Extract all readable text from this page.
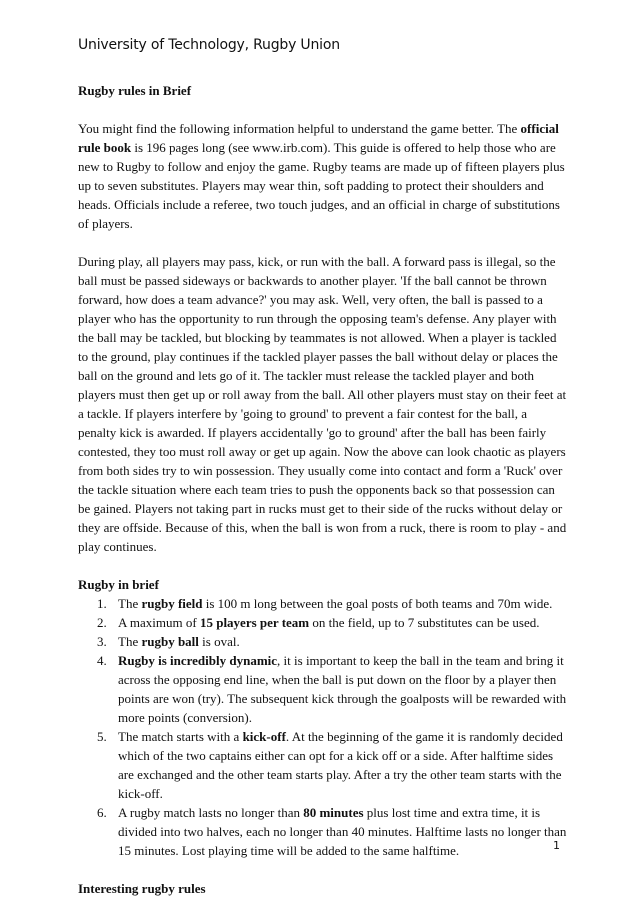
University of Technology, Rugby Union

Rugby rules in Brief

You might find the following information helpful to understand the game better. The official rule book is 196 pages long (see www.irb.com). This guide is offered to help those who are new to Rugby to follow and enjoy the game. Rugby teams are made up of fifteen players plus up to seven substitutes. Players may wear thin, soft padding to protect their shoulders and heads. Officials include a referee, two touch judges, and an official in charge of substitutions of players.

During play, all players may pass, kick, or run with the ball. A forward pass is illegal, so the ball must be passed sideways or backwards to another player. 'If the ball cannot be thrown forward, how does a team advance?' you may ask. Well, very often, the ball is passed to a player who has the opportunity to run through the opposing team's defense. Any player with the ball may be tackled, but blocking by teammates is not allowed. When a player is tackled to the ground, play continues if the tackled player passes the ball without delay or places the ball on the ground and lets go of it. The tackler must release the tackled player and both players must then get up or roll away from the ball. All other players must stay on their feet at a tackle. If players interfere by 'going to ground' to prevent a fair contest for the ball, a penalty kick is awarded. If players accidentally 'go to ground' after the ball has been fairly contested, they too must roll away or get up again. Now the above can look chaotic as players from both sides try to win possession. They usually come into contact and form a 'Ruck' over the tackle situation where each team tries to push the opponents back so that possession can be gained. Players not taking part in rucks must get to their side of the rucks without delay or they are offside. Because of this, when the ball is won from a ruck, there is room to play - and play continues.

Rugby in brief

1. The rugby field is 100 m long between the goal posts of both teams and 70m wide.
2. A maximum of 15 players per team on the field, up to 7 substitutes can be used.
3. The rugby ball is oval.
4. Rugby is incredibly dynamic, it is important to keep the ball in the team and bring it across the opposing end line, when the ball is put down on the floor by a player then points are won (try). The subsequent kick through the goalposts will be rewarded with more points (conversion).
5. The match starts with a kick-off. At the beginning of the game it is randomly decided which of the two captains either can opt for a kick off or a side. After halftime sides are exchanged and the other team starts play. After a try the other team starts with the kick-off.
6. A rugby match lasts no longer than 80 minutes plus lost time and extra time, it is divided into two halves, each no longer than 40 minutes. Halftime lasts no longer than 15 minutes. Lost playing time will be added to the same halftime.

Interesting rugby rules

1
